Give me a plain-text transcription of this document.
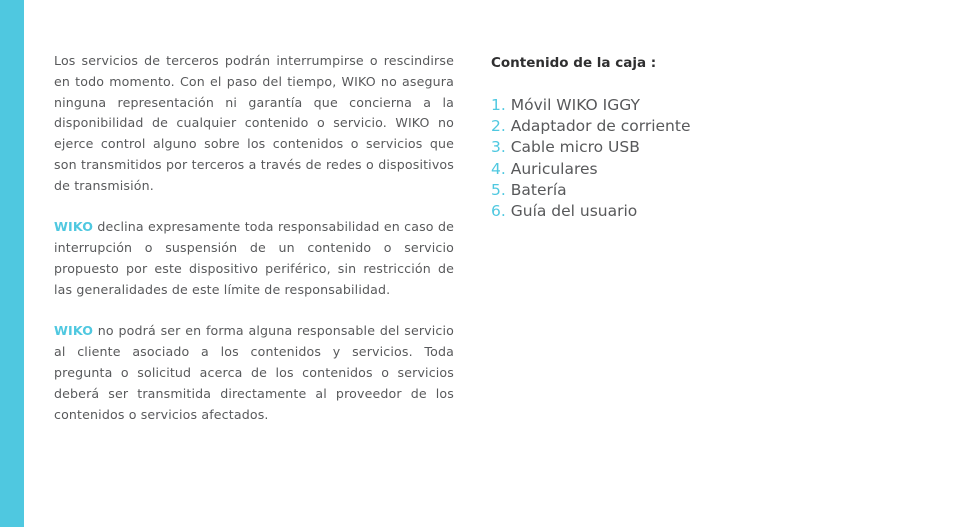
Los servicios de terceros podrán interrumpirse o rescindirse en todo momento. Con el paso del tiempo, WIKO no asegura ninguna representación ni garantía que concierna a la disponibilidad de cualquier contenido o servicio. WIKO no ejerce control alguno sobre los contenidos o servicios que son transmitidos por terceros a través de redes o dispositivos de transmisión.

WIKO declina expresamente toda responsabilidad en caso de interrupción o suspensión de un contenido o servicio propuesto por este dispositivo periférico, sin restricción de las generalidades de este límite de responsabilidad.

WIKO no podrá ser en forma alguna responsable del servicio al cliente asociado a los contenidos y servicios. Toda pregunta o solicitud acerca de los contenidos o servicios deberá ser transmitida directamente al proveedor de los contenidos o servicios afectados.

Contenido de la caja :
1. Móvil WIKO IGGY
2. Adaptador de corriente
3. Cable micro USB
4. Auriculares
5. Batería
6. Guía del usuario
